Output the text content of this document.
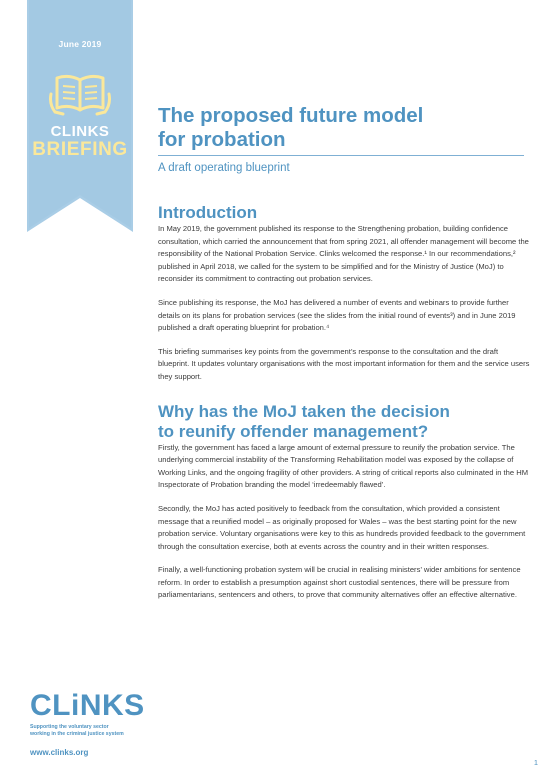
June 2019
CLINKS
BRIEFING
The proposed future model
for probation
A draft operating blueprint
Introduction

In May 2019, the government published its response to the Strengthening probation, building confidence consultation, which carried the announcement that from spring 2021, all offender management will become the responsibility of the National Probation Service. Clinks welcomed the response.¹ In our recommendations,² published in April 2018, we called for the system to be simplified and for the Ministry of Justice (MoJ) to reconsider its commitment to contracting out probation services.

Since publishing its response, the MoJ has delivered a number of events and webinars to provide further details on its plans for probation services (see the slides from the initial round of events³) and in June 2019 published a draft operating blueprint for probation.⁴

This briefing summarises key points from the government’s response to the consultation and the draft blueprint. It updates voluntary organisations with the most important information for them and the service users they support.

Why has the MoJ taken the decision
to reunify offender management?

Firstly, the government has faced a large amount of external pressure to reunify the probation service. The underlying commercial instability of the Transforming Rehabilitation model was exposed by the collapse of Working Links, and the ongoing fragility of other providers. A string of critical reports also culminated in the HM Inspectorate of Probation branding the model ‘irredeemably flawed’.

Secondly, the MoJ has acted positively to feedback from the consultation, which provided a consistent message that a reunified model – as originally proposed for Wales – was the best starting point for the new probation service. Voluntary organisations were key to this as hundreds provided feedback to the government through the consultation exercise, both at events across the country and in their written responses.

Finally, a well-functioning probation system will be crucial in realising ministers’ wider ambitions for sentence reform. In order to establish a presumption against short custodial sentences, there will be pressure from parliamentarians, sentencers and others, to prove that community alternatives offer an effective alternative.

CLiNKS
Supporting the voluntary sector
working in the criminal justice system
www.clinks.org
1
